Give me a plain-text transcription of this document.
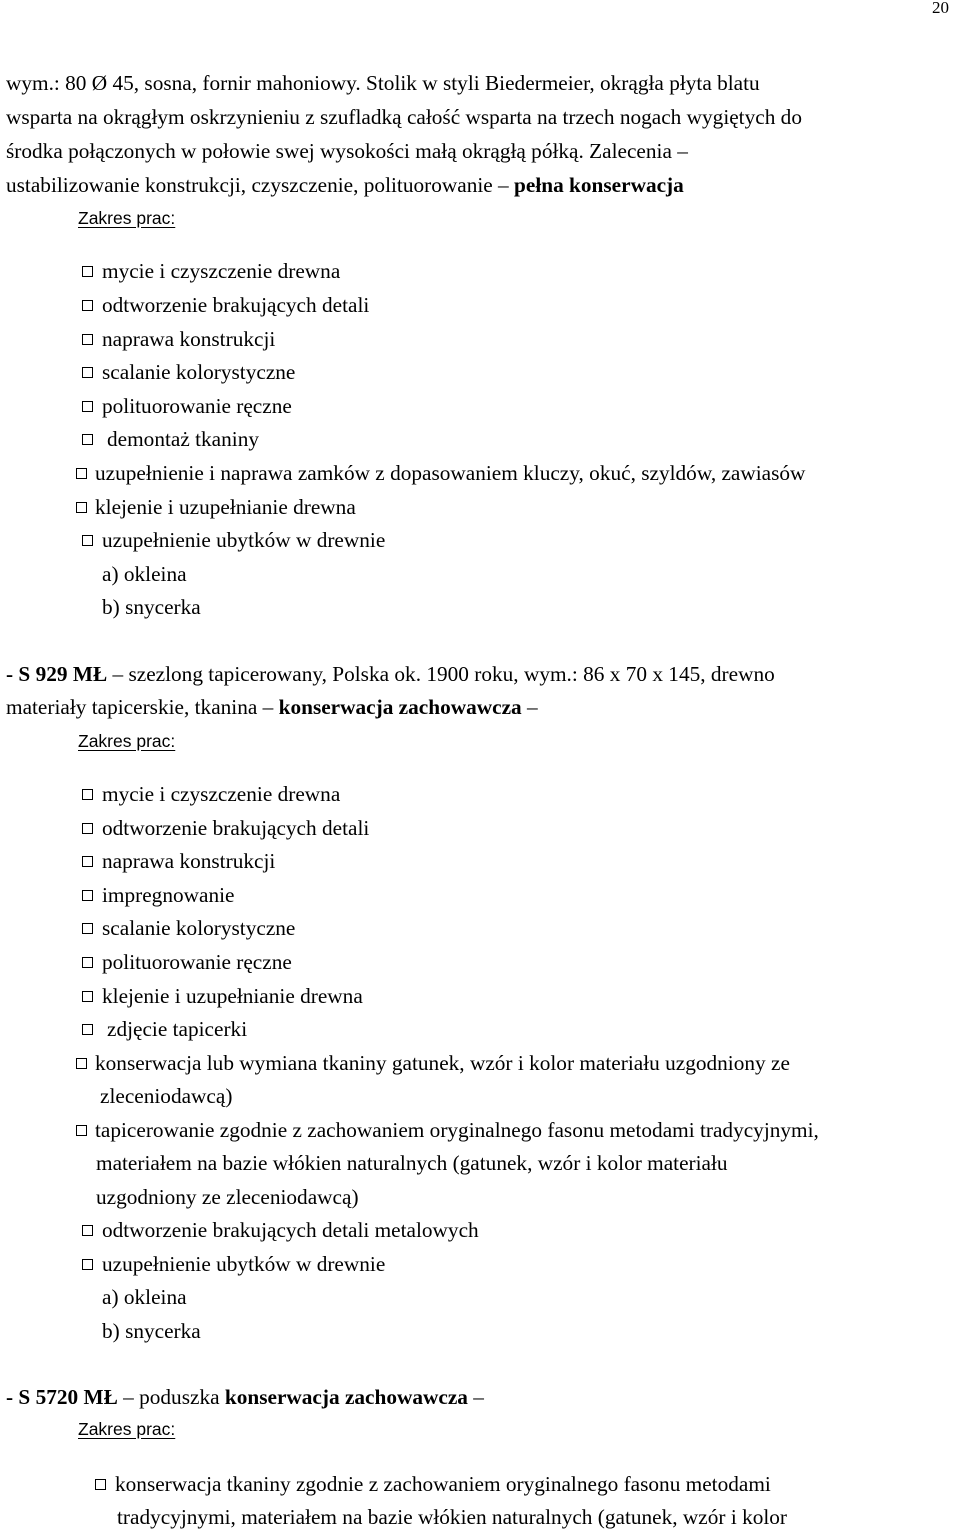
20
wym.: 80 Ø 45, sosna, fornir mahoniowy. Stolik w styli Biedermeier, okrągła płyta blatu
wsparta na okrągłym oskrzynieniu z szufladką całość wsparta na trzech nogach wygiętych do
środka połączonych w połowie swej wysokości małą okrągłą półką. Zalecenia –
ustabilizowanie konstrukcji, czyszczenie, polituorowanie – pełna konserwacja
Zakres prac:
mycie i czyszczenie drewna
odtworzenie brakujących detali
naprawa konstrukcji
scalanie kolorystyczne
polituorowanie ręczne
demontaż tkaniny
uzupełnienie i naprawa zamków z dopasowaniem kluczy, okuć, szyldów, zawiasów
klejenie i uzupełnianie drewna
uzupełnienie ubytków w drewnie
a) okleina
b) snycerka
- S 929 MŁ – szezlong tapicerowany, Polska ok. 1900 roku, wym.: 86 x 70 x 145, drewno
materiały tapicerskie, tkanina – konserwacja zachowawcza –
Zakres prac:
mycie i czyszczenie drewna
odtworzenie brakujących detali
naprawa konstrukcji
impregnowanie
scalanie kolorystyczne
polituorowanie ręczne
klejenie i uzupełnianie drewna
zdjęcie tapicerki
konserwacja lub wymiana tkaniny gatunek, wzór i kolor materiału uzgodniony ze
zleceniodawcą)
tapicerowanie zgodnie z zachowaniem oryginalnego fasonu metodami tradycyjnymi,
materiałem na bazie włókien naturalnych (gatunek, wzór i kolor materiału
uzgodniony ze zleceniodawcą)
odtworzenie brakujących detali metalowych
uzupełnienie ubytków w drewnie
a) okleina
b) snycerka
- S 5720 MŁ – poduszka konserwacja zachowawcza –
Zakres prac:
konserwacja tkaniny zgodnie z zachowaniem oryginalnego fasonu metodami
tradycyjnymi, materiałem na bazie włókien naturalnych (gatunek, wzór i kolor
